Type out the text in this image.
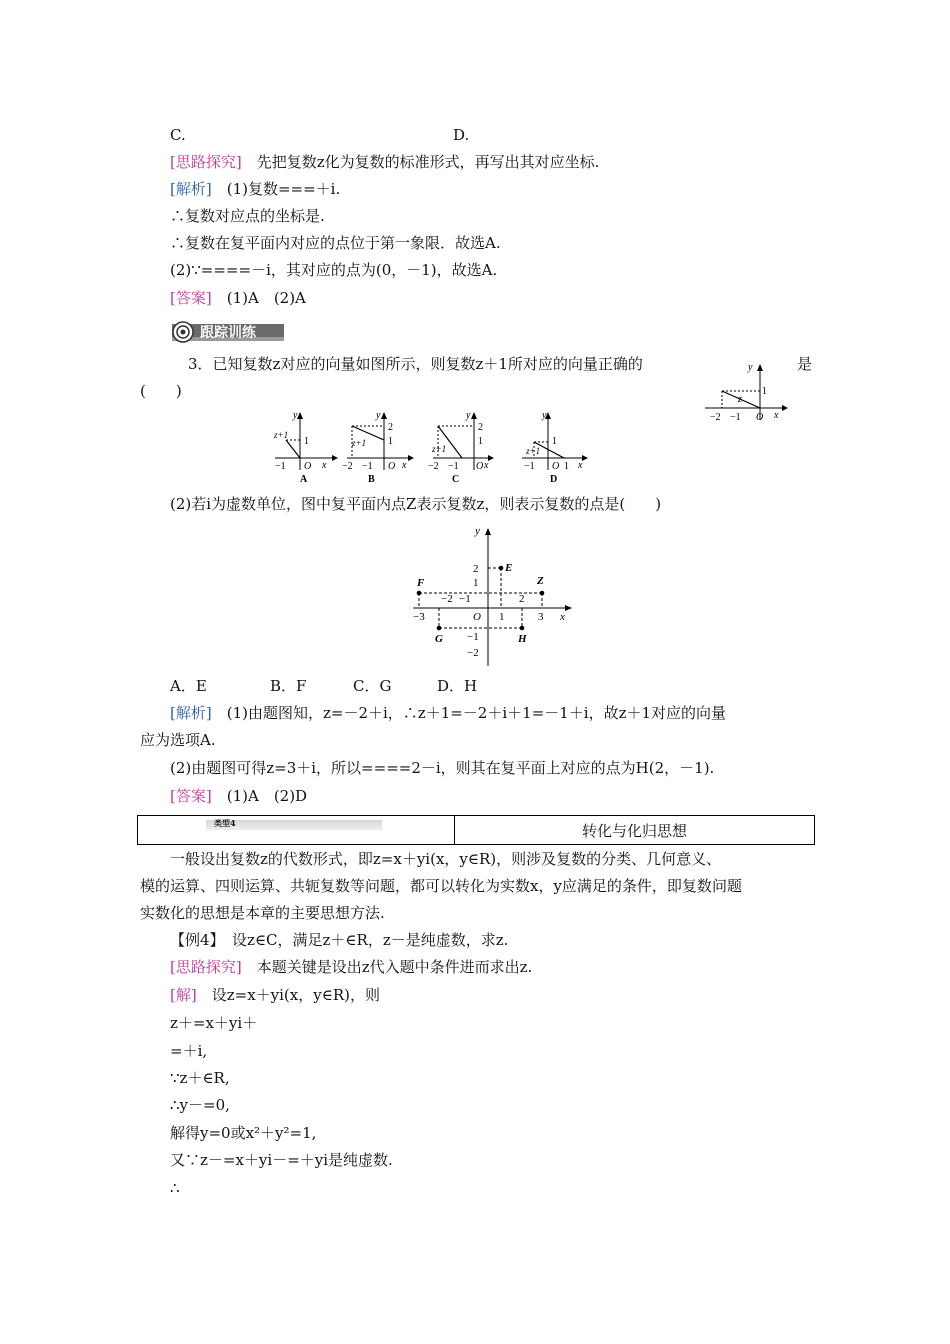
C.	D.
[思路探究]　 先把复数z化为复数的标准形式，再写出其对应坐标.
[解析]　 (1)复数===＋i.
∴复数对应点的坐标是.
∴复数在复平面内对应的点位于第一象限．故选A.
(2)∵====－i，其对应的点为(0，－1)，故选A.
[答案]　 (1)A　(2)A
跟踪训练
3．已知复数z对应的向量如图所示，则复数z＋1所对应的向量正确的	是
(　　)
y
x
z
1
−2 −1 O
y
x
z+1
1
−1 O
A
y
x
z+1
2
1
−2 −1 O
B
y
x
z+1
2
1
−2 −1 O
C
y
x
z+1
1
−1 O 1
D
(2)若i为虚数单位，图中复平面内点Z表示复数z，则表示复数的点是(　　)
y
x
F
E
Z
G	H
2
1
−1
−2
−2 −1	2
−3	O 1	3
A．E	B．F	C．G	D．H
[解析]　 (1)由题图知，z=－2＋i，∴z＋1=－2＋i＋1=－1＋i，故z＋1对应的向量
应为选项A.
(2)由题图可得z=3＋i，所以====2－i，则其在复平面上对应的点为H(2，－1).
[答案]　 (1)A　(2)D
类型4	转化与化归思想
一般设出复数z的代数形式，即z=x＋yi(x，y∈R)，则涉及复数的分类、几何意义、
模的运算、四则运算、共轭复数等问题，都可以转化为实数x，y应满足的条件，即复数问题
实数化的思想是本章的主要思想方法.
【例4】　设z∈C，满足z＋∈R，z－是纯虚数，求z.
[思路探究]　 本题关键是设出z代入题中条件进而求出z.
[解]　 设z=x＋yi(x，y∈R)，则
z＋=x＋yi＋
=＋i,
∵z＋∈R,
∴y－=0,
解得y=0或x²＋y²=1,
又∵z－=x＋yi－=＋yi是纯虚数.
∴
